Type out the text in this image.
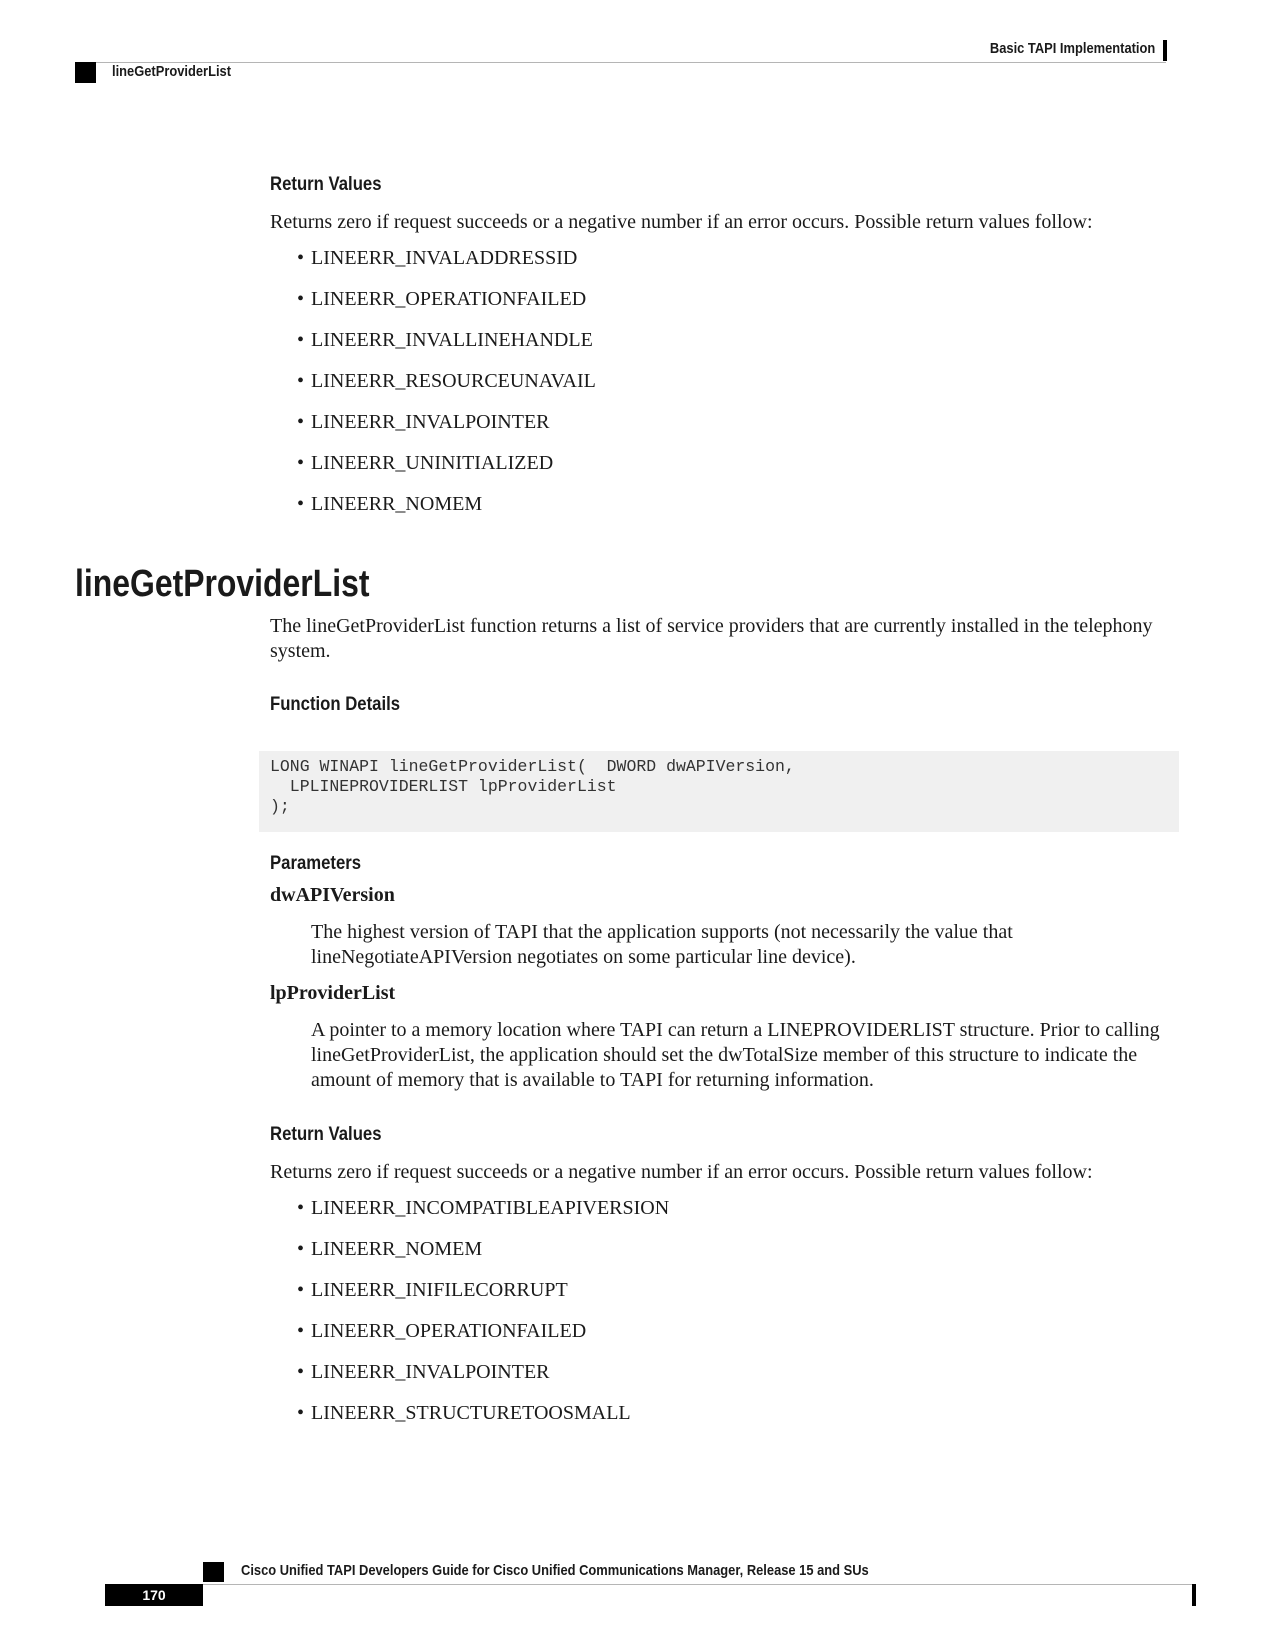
Basic TAPI Implementation
lineGetProviderList
Return Values
Returns zero if request succeeds or a negative number if an error occurs. Possible return values follow:
• LINEERR_INVALADDRESSID
• LINEERR_OPERATIONFAILED
• LINEERR_INVALLINEHANDLE
• LINEERR_RESOURCEUNAVAIL
• LINEERR_INVALPOINTER
• LINEERR_UNINITIALIZED
• LINEERR_NOMEM
lineGetProviderList
The lineGetProviderList function returns a list of service providers that are currently installed in the telephony system.
Function Details
LONG WINAPI lineGetProviderList(  DWORD dwAPIVersion,
LPLINEPROVIDERLIST lpProviderList
);
Parameters
dwAPIVersion
The highest version of TAPI that the application supports (not necessarily the value that lineNegotiateAPIVersion negotiates on some particular line device).
lpProviderList
A pointer to a memory location where TAPI can return a LINEPROVIDERLIST structure. Prior to calling lineGetProviderList, the application should set the dwTotalSize member of this structure to indicate the amount of memory that is available to TAPI for returning information.
Return Values
Returns zero if request succeeds or a negative number if an error occurs. Possible return values follow:
• LINEERR_INCOMPATIBLEAPIVERSION
• LINEERR_NOMEM
• LINEERR_INIFILECORRUPT
• LINEERR_OPERATIONFAILED
• LINEERR_INVALPOINTER
• LINEERR_STRUCTURETOOSMALL
Cisco Unified TAPI Developers Guide for Cisco Unified Communications Manager, Release 15 and SUs
170
